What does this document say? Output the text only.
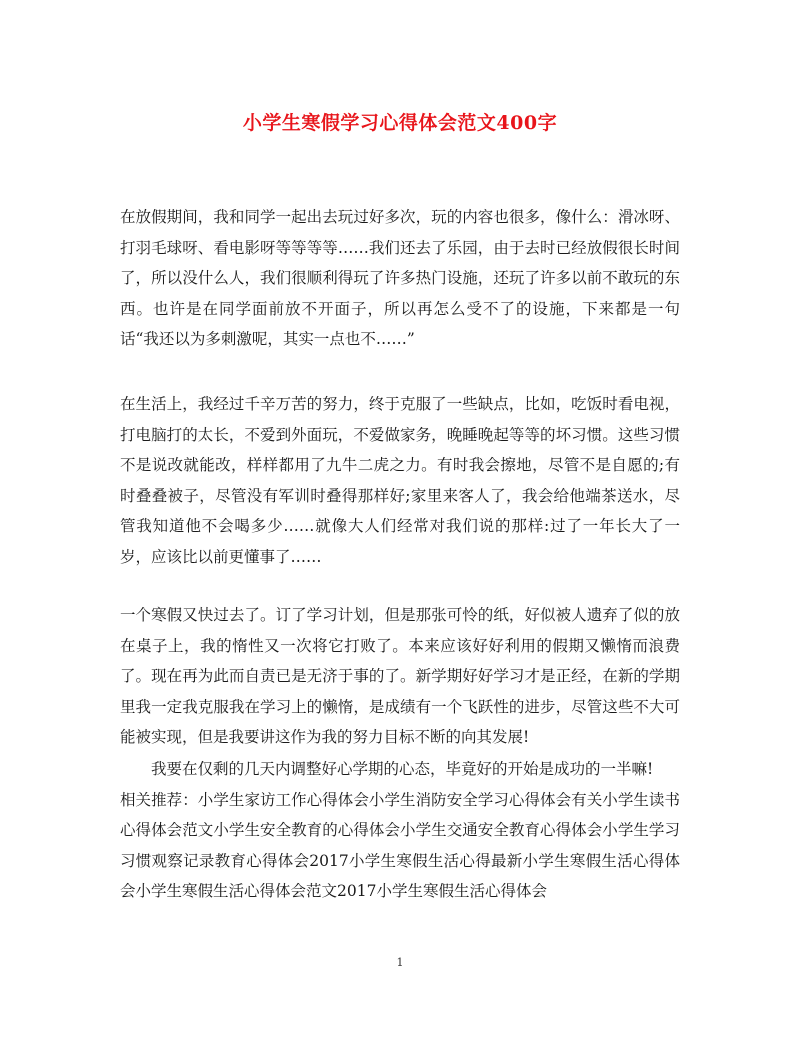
小学生寒假学习心得体会范文400字
在放假期间，我和同学一起出去玩过好多次，玩的内容也很多，像什么：滑冰呀、打羽毛球呀、看电影呀等等等等……我们还去了乐园，由于去时已经放假很长时间了，所以没什么人，我们很顺利得玩了许多热门设施，还玩了许多以前不敢玩的东西。也许是在同学面前放不开面子，所以再怎么受不了的设施，下来都是一句话“我还以为多刺激呢，其实一点也不……”
在生活上，我经过千辛万苦的努力，终于克服了一些缺点，比如，吃饭时看电视，打电脑打的太长，不爱到外面玩，不爱做家务，晚睡晚起等等的坏习惯。这些习惯不是说改就能改，样样都用了九牛二虎之力。有时我会擦地，尽管不是自愿的;有时叠叠被子，尽管没有军训时叠得那样好;家里来客人了，我会给他端茶送水，尽管我知道他不会喝多少……就像大人们经常对我们说的那样:过了一年长大了一岁，应该比以前更懂事了……
一个寒假又快过去了。订了学习计划，但是那张可怜的纸，好似被人遗弃了似的放在桌子上，我的惰性又一次将它打败了。本来应该好好利用的假期又懒惰而浪费了。现在再为此而自责已是无济于事的了。新学期好好学习才是正经，在新的学期里我一定我克服我在学习上的懒惰，是成绩有一个飞跃性的进步，尽管这些不大可能被实现，但是我要讲这作为我的努力目标不断的向其发展!
我要在仅剩的几天内调整好心学期的心态，毕竟好的开始是成功的一半嘛!
相关推荐：小学生家访工作心得体会小学生消防安全学习心得体会有关小学生读书心得体会范文小学生安全教育的心得体会小学生交通安全教育心得体会小学生学习习惯观察记录教育心得体会2017小学生寒假生活心得最新小学生寒假生活心得体会小学生寒假生活心得体会范文2017小学生寒假生活心得体会
1
